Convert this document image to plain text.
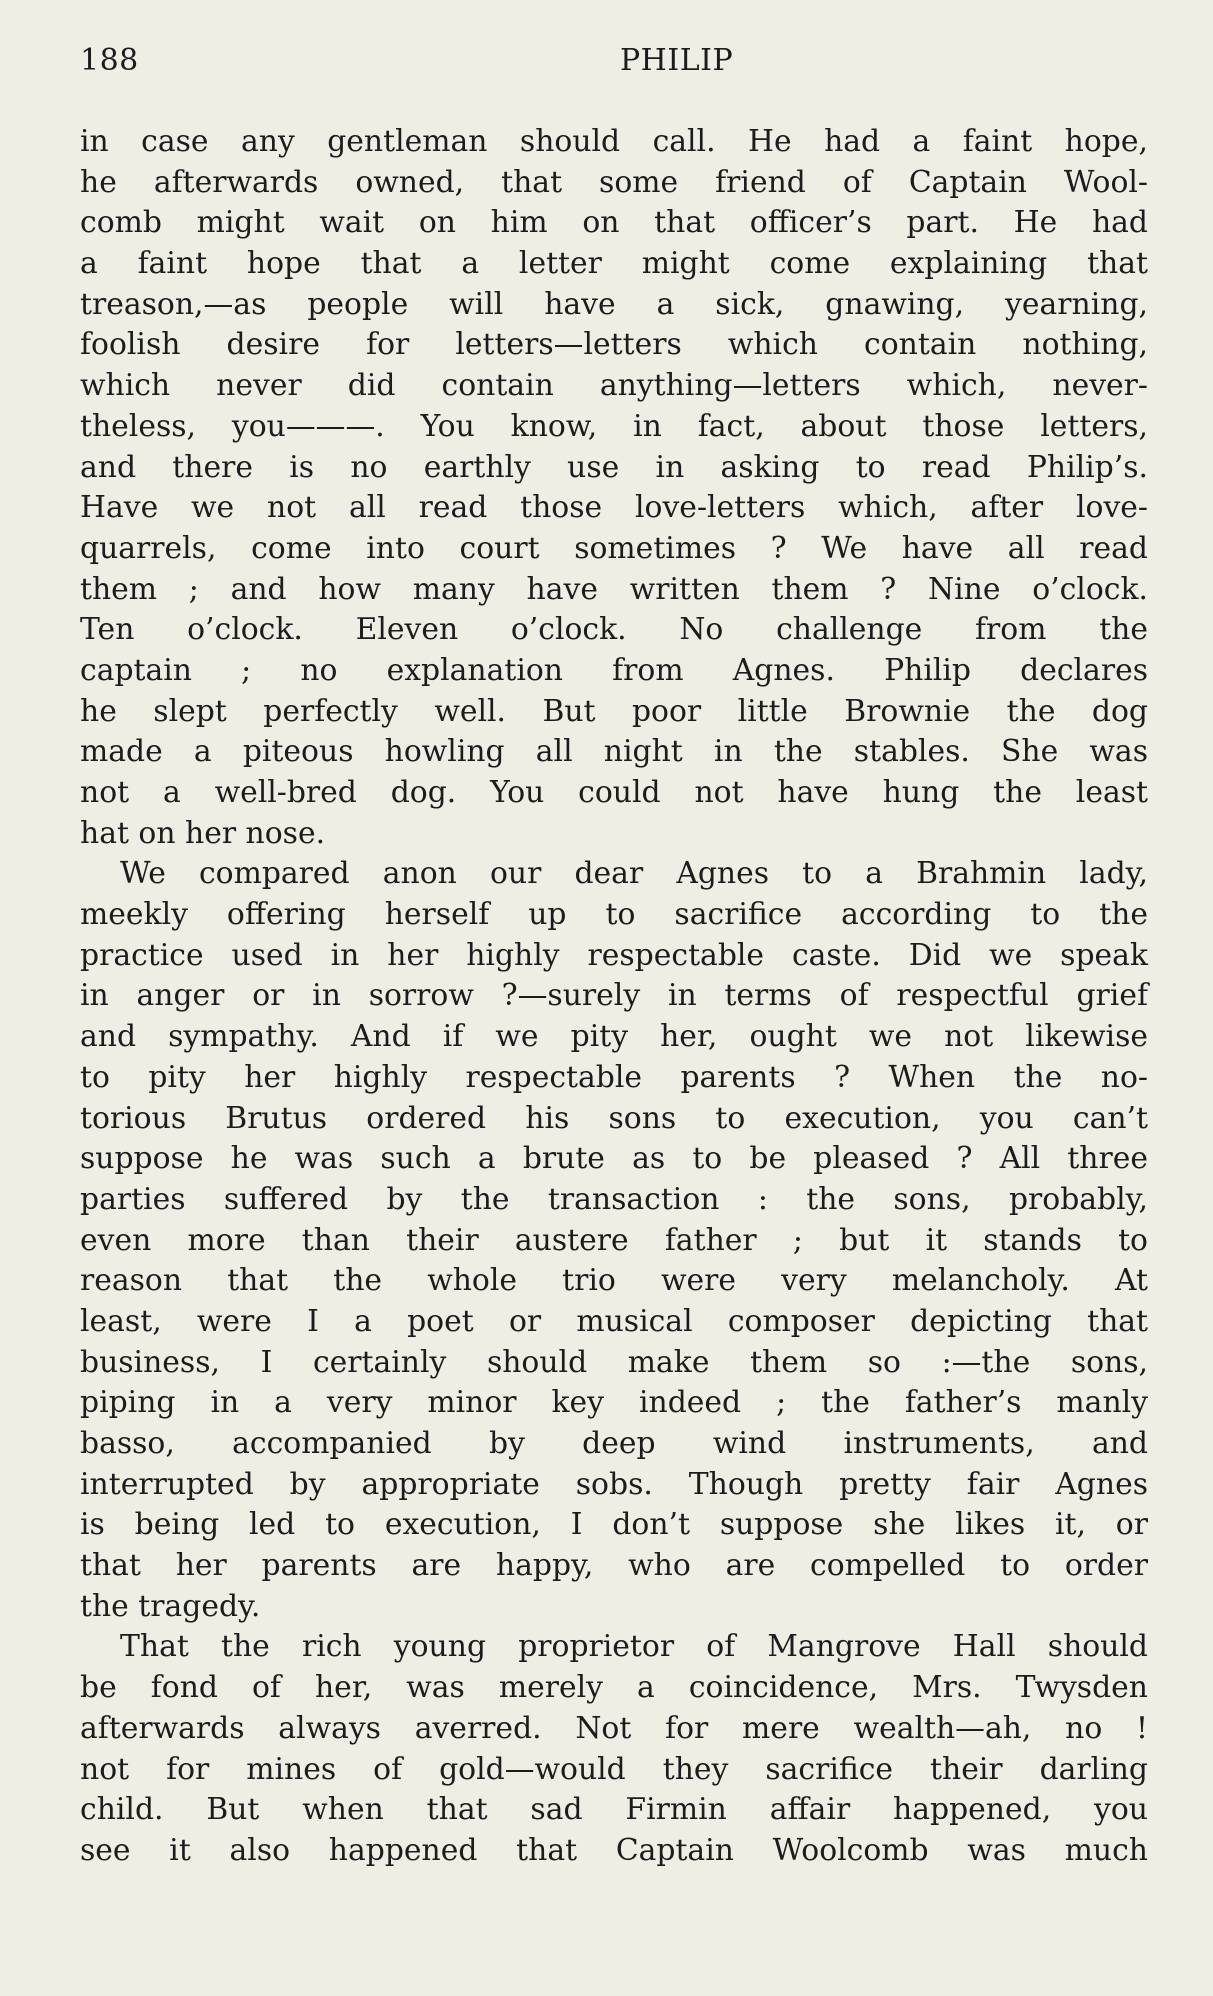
188	PHILIP
in case any gentleman should call. He had a faint hope,
he afterwards owned, that some friend of Captain Wool-
comb might wait on him on that officer’s part. He had
a faint hope that a letter might come explaining that
treason,—as people will have a sick, gnawing, yearning,
foolish desire for letters—letters which contain nothing,
which never did contain anything—letters which, never-
theless, you———. You know, in fact, about those letters,
and there is no earthly use in asking to read Philip’s.
Have we not all read those love-letters which, after love-
quarrels, come into court sometimes ? We have all read
them ; and how many have written them ? Nine o’clock.
Ten o’clock. Eleven o’clock. No challenge from the
captain ; no explanation from Agnes. Philip declares
he slept perfectly well. But poor little Brownie the dog
made a piteous howling all night in the stables. She was
not a well-bred dog. You could not have hung the least
hat on her nose.
We compared anon our dear Agnes to a Brahmin lady,
meekly offering herself up to sacrifice according to the
practice used in her highly respectable caste. Did we speak
in anger or in sorrow ?—surely in terms of respectful grief
and sympathy. And if we pity her, ought we not likewise
to pity her highly respectable parents ? When the no-
torious Brutus ordered his sons to execution, you can’t
suppose he was such a brute as to be pleased ? All three
parties suffered by the transaction : the sons, probably,
even more than their austere father ; but it stands to
reason that the whole trio were very melancholy. At
least, were I a poet or musical composer depicting that
business, I certainly should make them so :—the sons,
piping in a very minor key indeed ; the father’s manly
basso, accompanied by deep wind instruments, and
interrupted by appropriate sobs. Though pretty fair Agnes
is being led to execution, I don’t suppose she likes it, or
that her parents are happy, who are compelled to order
the tragedy.
That the rich young proprietor of Mangrove Hall should
be fond of her, was merely a coincidence, Mrs. Twysden
afterwards always averred. Not for mere wealth—ah, no !
not for mines of gold—would they sacrifice their darling
child. But when that sad Firmin affair happened, you
see it also happened that Captain Woolcomb was much
